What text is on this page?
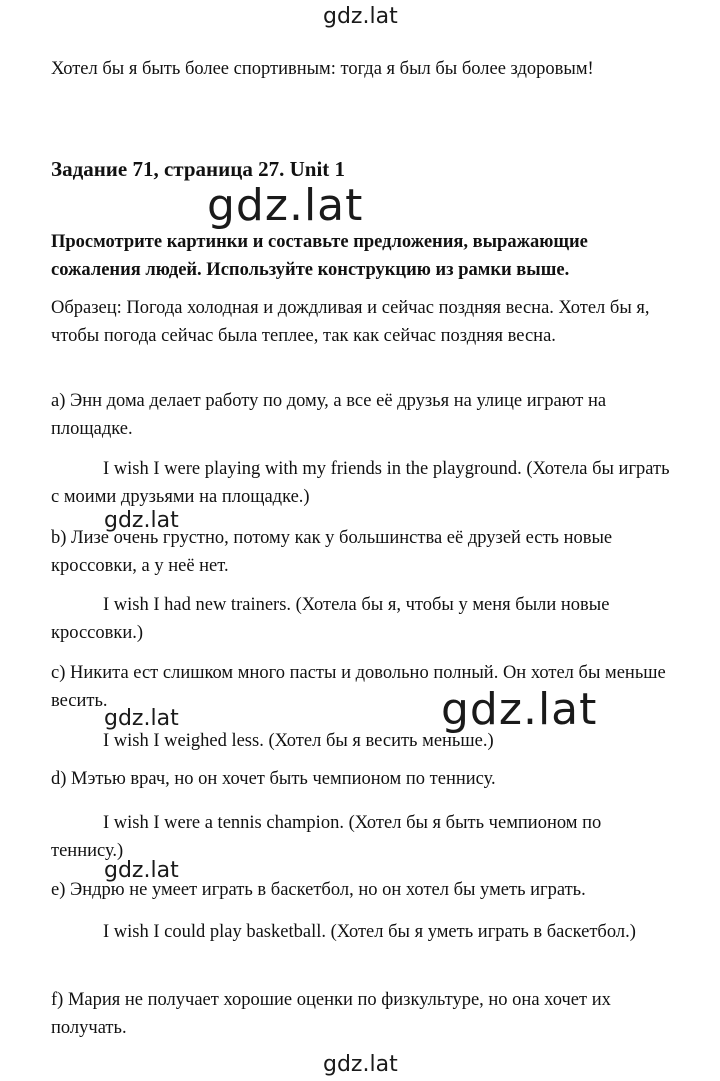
gdz.lat
Хотел бы я быть более спортивным: тогда я был бы более здоровым!
Задание 71, страница 27. Unit 1
gdz.lat
Просмотрите картинки и составьте предложения, выражающие сожаления людей. Используйте конструкцию из рамки выше.
Образец: Погода холодная и дождливая и сейчас поздняя весна. Хотел бы я, чтобы погода сейчас была теплее, так как сейчас поздняя весна.
a) Энн дома делает работу по дому, а все её друзья на улице играют на площадке.
I wish I were playing with my friends in the playground. (Хотела бы играть с моими друзьями на площадке.)
gdz.lat
b) Лизе очень грустно, потому как у большинства её друзей есть новые кроссовки, а у неё нет.
I wish I had new trainers. (Хотела бы я, чтобы у меня были новые кроссовки.)
c) Никита ест слишком много пасты и довольно полный. Он хотел бы меньше весить.	gdz.lat
gdz.lat
I wish I weighed less. (Хотел бы я весить меньше.)
d) Мэтью врач, но он хочет быть чемпионом по теннису.
I wish I were a tennis champion. (Хотел бы я быть чемпионом по теннису.)
gdz.lat
e) Эндрю не умеет играть в баскетбол, но он хотел бы уметь играть.
I wish I could play basketball. (Хотел бы я уметь играть в баскетбол.)
f) Мария не получает хорошие оценки по физкультуре, но она хочет их получать.
gdz.lat
